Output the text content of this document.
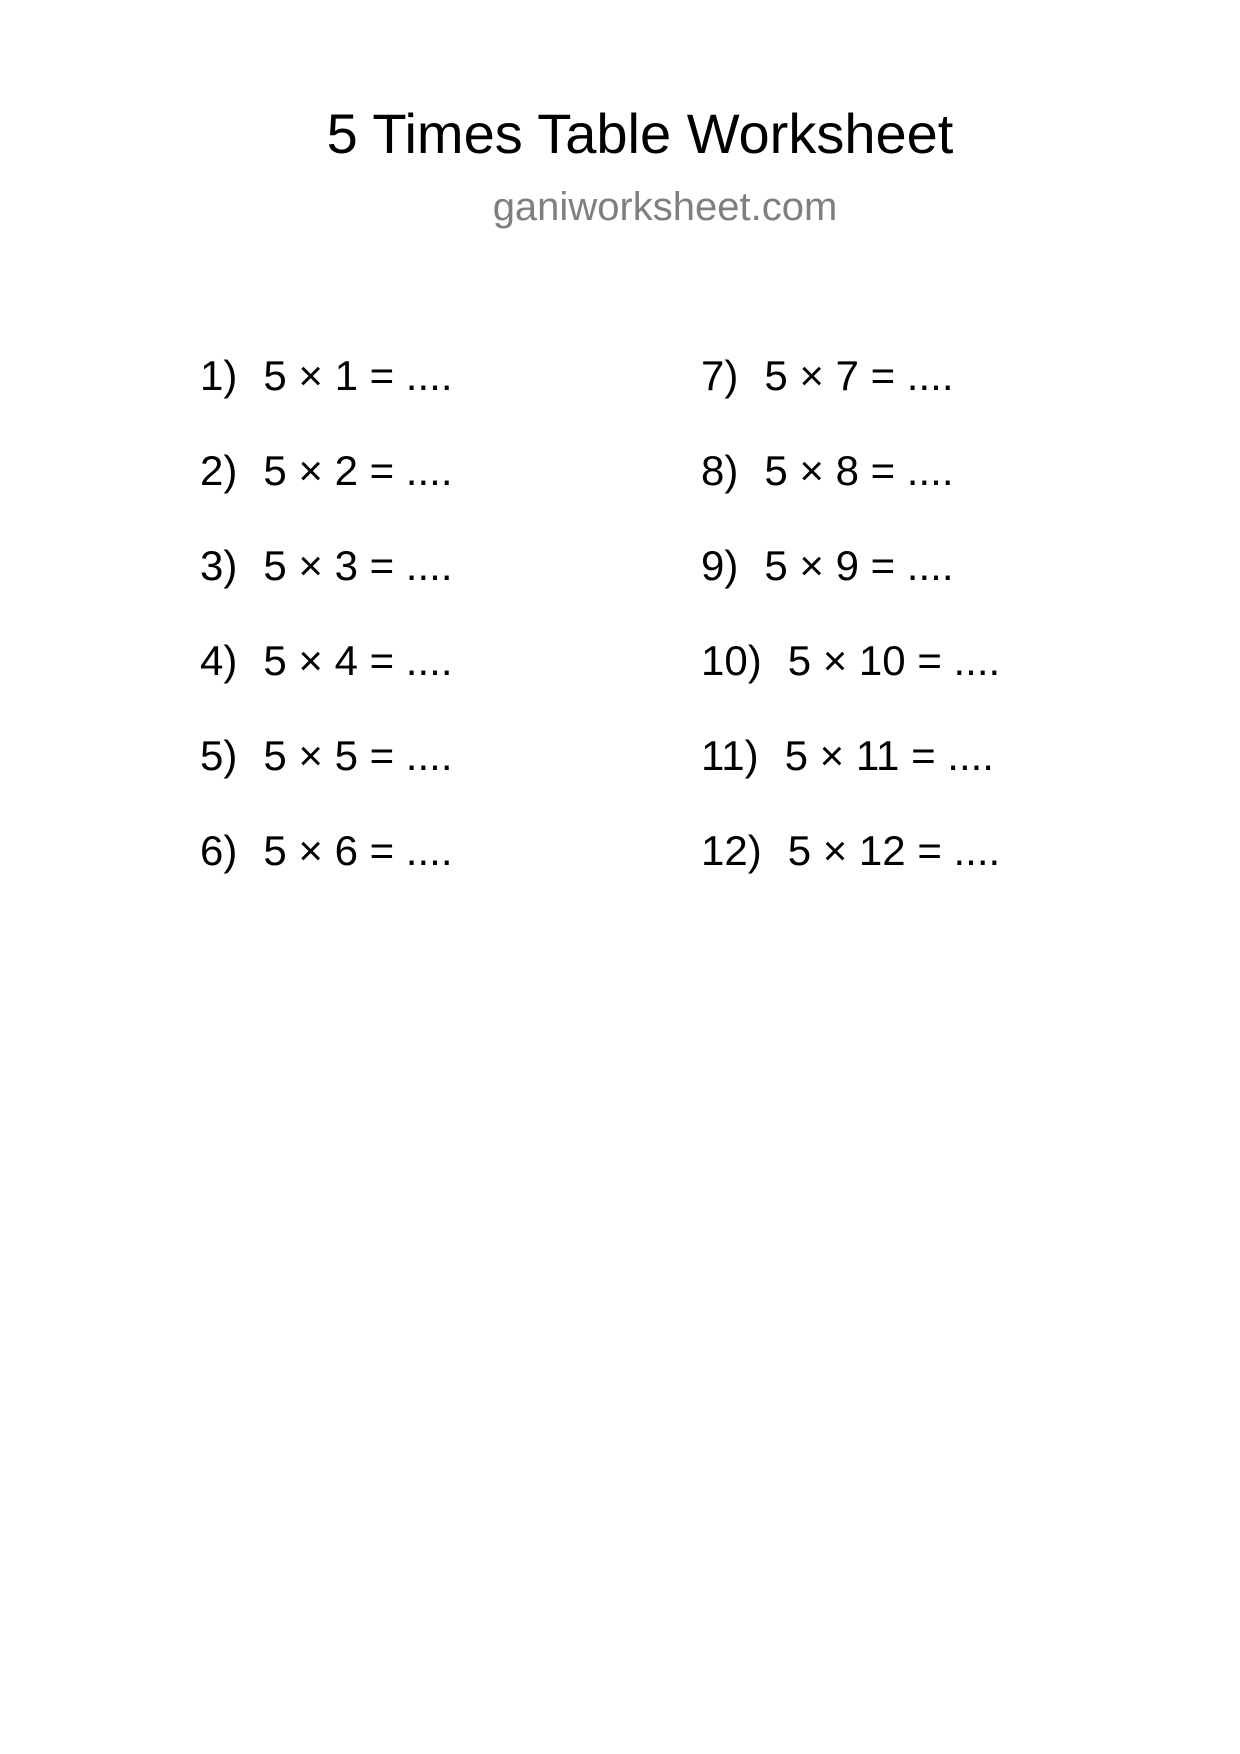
5 Times Table Worksheet
ganiworksheet.com
1) 5 × 1 = ....
2) 5 × 2 = ....
3) 5 × 3 = ....
4) 5 × 4 = ....
5) 5 × 5 = ....
6) 5 × 6 = ....
7) 5 × 7 = ....
8) 5 × 8 = ....
9) 5 × 9 = ....
10) 5 × 10 = ....
11) 5 × 11 = ....
12) 5 × 12 = ....
